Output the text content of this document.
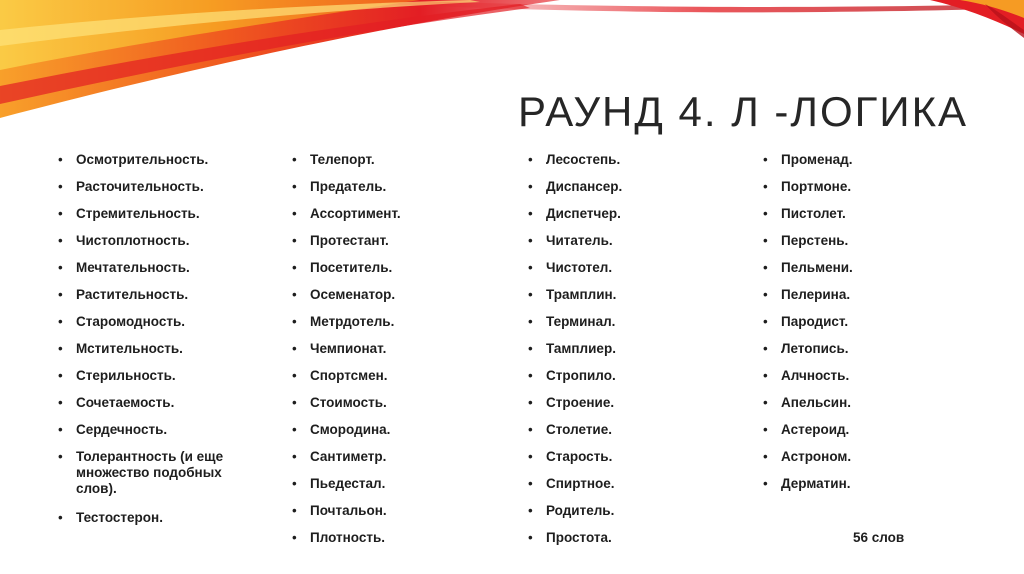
РАУНД 4. Л -ЛОГИКА
• Осмотрительность.
• Расточительность.
• Стремительность.
• Чистоплотность.
• Мечтательность.
• Растительность.
• Старомодность.
• Мстительность.
• Стерильность.
• Сочетаемость.
• Сердечность.
• Толерантность (и еще множество подобных слов).
• Тестостерон.
• Телепорт.
• Предатель.
• Ассортимент.
• Протестант.
• Посетитель.
• Осеменатор.
• Метрдотель.
• Чемпионат.
• Спортсмен.
• Стоимость.
• Смородина.
• Сантиметр.
• Пьедестал.
• Почтальон.
• Плотность.
• Лесостепь.
• Диспансер.
• Диспетчер.
• Читатель.
• Чистотел.
• Трамплин.
• Терминал.
• Тамплиер.
• Стропило.
• Строение.
• Столетие.
• Старость.
• Спиртное.
• Родитель.
• Простота.
• Променад.
• Портмоне.
• Пистолет.
• Перстень.
• Пельмени.
• Пелерина.
• Пародист.
• Летопись.
• Алчность.
• Апельсин.
• Астероид.
• Астроном.
• Дерматин.
56 слов
